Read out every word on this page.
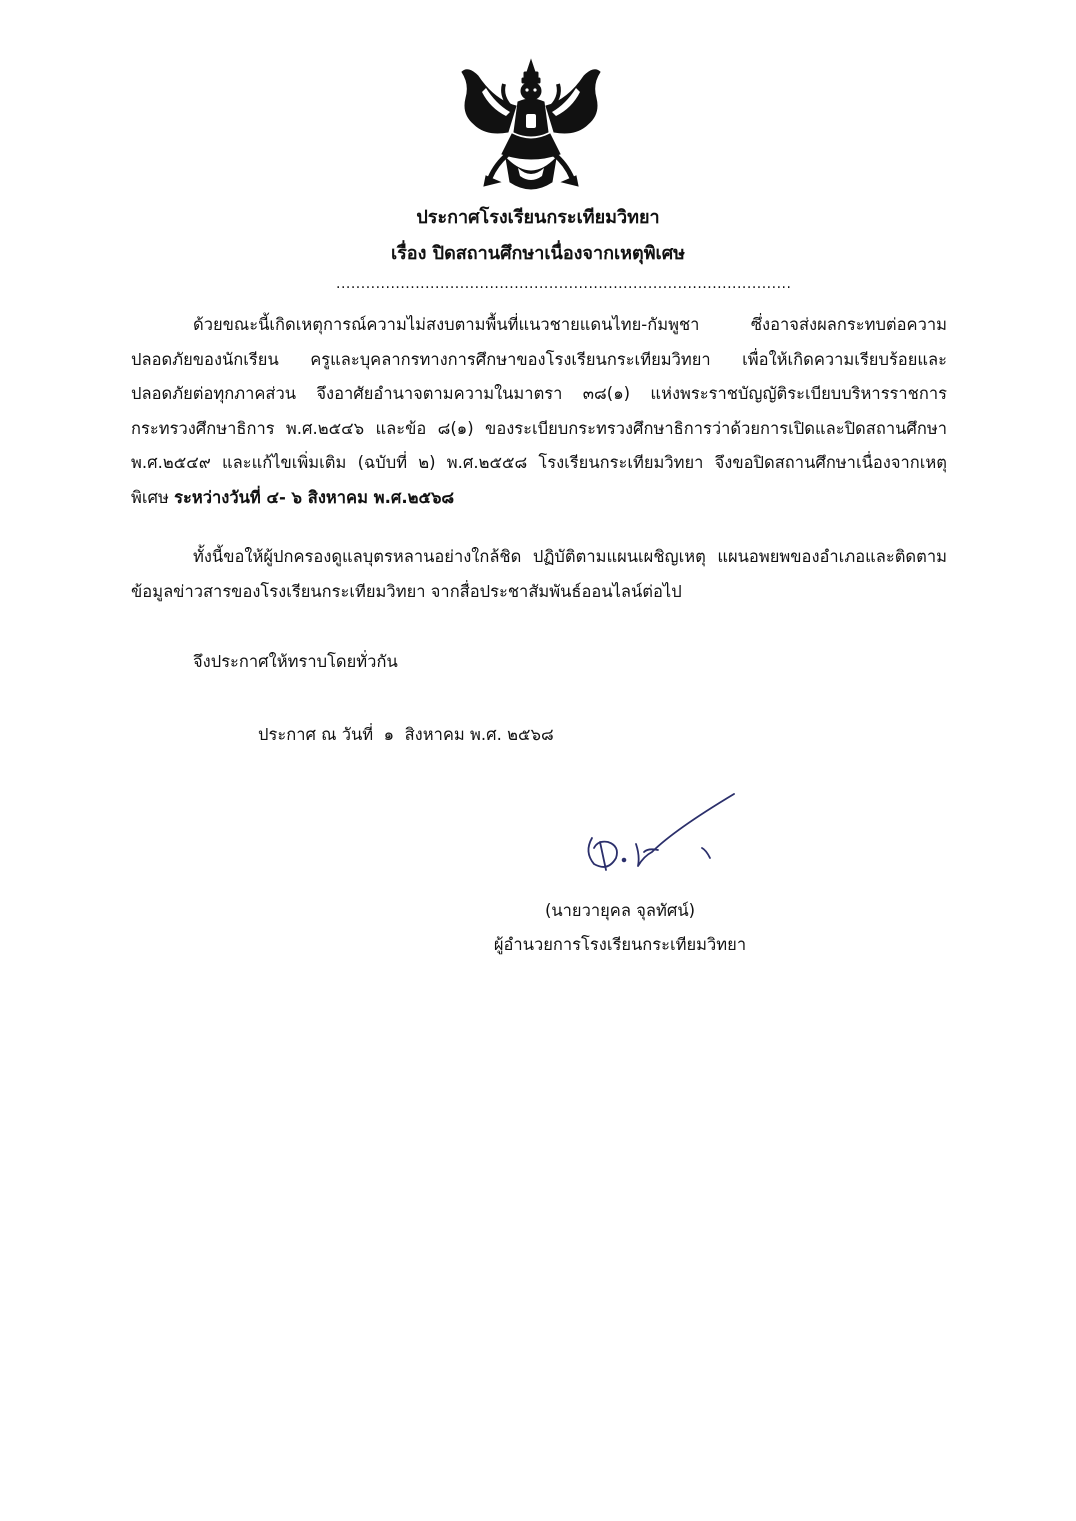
ประกาศโรงเรียนกระเทียมวิทยา
เรื่อง ปิดสถานศึกษาเนื่องจากเหตุพิเศษ
............................................................................................

ด้วยขณะนี้เกิดเหตุการณ์ความไม่สงบตามพื้นที่แนวชายแดนไทย-กัมพูชา ซึ่งอาจส่งผลกระทบต่อความปลอดภัยของนักเรียน ครูและบุคลากรทางการศึกษาของโรงเรียนกระเทียมวิทยา เพื่อให้เกิดความเรียบร้อยและปลอดภัยต่อทุกภาคส่วน จึงอาศัยอำนาจตามความในมาตรา ๓๘(๑) แห่งพระราชบัญญัติระเบียบบริหารราชการกระทรวงศึกษาธิการ พ.ศ.๒๕๔๖ และข้อ ๘(๑) ของระเบียบกระทรวงศึกษาธิการว่าด้วยการเปิดและปิดสถานศึกษา พ.ศ.๒๕๔๙ และแก้ไขเพิ่มเติม (ฉบับที่ ๒) พ.ศ.๒๕๕๘ โรงเรียนกระเทียมวิทยา จึงขอปิดสถานศึกษาเนื่องจากเหตุพิเศษ ระหว่างวันที่ ๔- ๖ สิงหาคม พ.ศ.๒๕๖๘

ทั้งนี้ขอให้ผู้ปกครองดูแลบุตรหลานอย่างใกล้ชิด ปฏิบัติตามแผนเผชิญเหตุ แผนอพยพของอำเภอและติดตามข้อมูลข่าวสารของโรงเรียนกระเทียมวิทยา จากสื่อประชาสัมพันธ์ออนไลน์ต่อไป

จึงประกาศให้ทราบโดยทั่วกัน

ประกาศ ณ วันที่  ๑  สิงหาคม พ.ศ. ๒๕๖๘
(นายวายุคล จุลทัศน์)
ผู้อำนวยการโรงเรียนกระเทียมวิทยา
